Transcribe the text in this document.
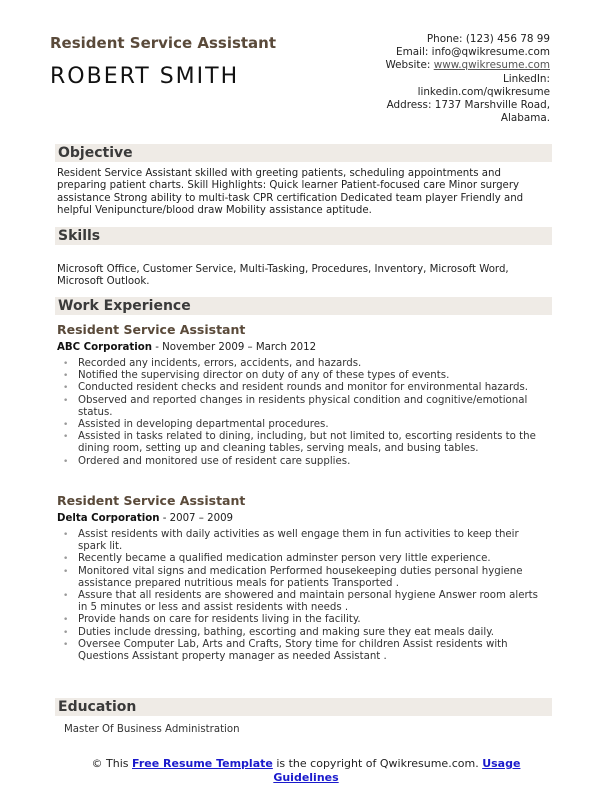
Resident Service Assistant
ROBERT SMITH
Phone: (123) 456 78 99
Email: info@qwikresume.com
Website: www.qwikresume.com
LinkedIn:
linkedin.com/qwikresume
Address: 1737 Marshville Road,
Alabama.
Objective
Resident Service Assistant skilled with greeting patients, scheduling appointments and preparing patient charts. Skill Highlights: Quick learner Patient-focused care Minor surgery assistance Strong ability to multi-task CPR certification Dedicated team player Friendly and helpful Venipuncture/blood draw Mobility assistance aptitude.
Skills
Microsoft Office, Customer Service, Multi-Tasking, Procedures, Inventory, Microsoft Word, Microsoft Outlook.
Work Experience
Resident Service Assistant
ABC Corporation - November 2009 – March 2012
• Recorded any incidents, errors, accidents, and hazards.
• Notified the supervising director on duty of any of these types of events.
• Conducted resident checks and resident rounds and monitor for environmental hazards.
• Observed and reported changes in residents physical condition and cognitive/emotional status.
• Assisted in developing departmental procedures.
• Assisted in tasks related to dining, including, but not limited to, escorting residents to the dining room, setting up and cleaning tables, serving meals, and busing tables.
• Ordered and monitored use of resident care supplies.
Resident Service Assistant
Delta Corporation - 2007 – 2009
• Assist residents with daily activities as well engage them in fun activities to keep their spark lit.
• Recently became a qualified medication adminster person very little experience.
• Monitored vital signs and medication Performed housekeeping duties personal hygiene assistance prepared nutritious meals for patients Transported .
• Assure that all residents are showered and maintain personal hygiene Answer room alerts in 5 minutes or less and assist residents with needs .
• Provide hands on care for residents living in the facility.
• Duties include dressing, bathing, escorting and making sure they eat meals daily.
• Oversee Computer Lab, Arts and Crafts, Story time for children Assist residents with Questions Assistant property manager as needed Assistant .
Education
Master Of Business Administration
© This Free Resume Template is the copyright of Qwikresume.com. Usage Guidelines
